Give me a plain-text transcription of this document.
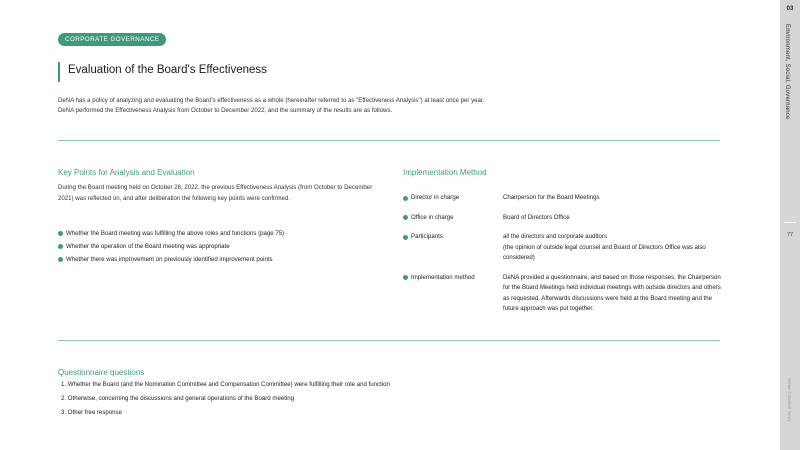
CORPORATE GOVERNANCE
Evaluation of the Board's Effectiveness
DeNA has a policy of analyzing and evaluating the Board's effectiveness as a whole (hereinafter referred to as "Effectiveness Analysis") at least once per year.
DeNA performed the Effectiveness Analysis from October to December 2022, and the summary of the results are as follows.
Key Points for Analysis and Evaluation
During the Board meeting held on October 26, 2022, the previous Effectiveness Analysis (from October to December 2021) was reflected on, and after deliberation the following key points were confirmed.
Whether the Board meeting was fulfilling the above roles and functions (page 75)
Whether the operation of the Board meeting was appropriate
Whether there was improvement on previously identified improvement points
Implementation Method
Director in charge	Chairperson for the Board Meetings
Office in charge	Board of Directors Office
Participants	all the directors and corporate auditors
(the opinion of outside legal counsel and Board of Directors Office was also considered)
Implementation method	DeNA provided a questionnaire, and based on those responses, the Chairperson for the Board Meetings held individual meetings with outside directors and others as requested. Afterwards discussions were held at the Board meeting and the future approach was put together.
Questionnaire questions
1. Whether the Board (and the Nomination Committee and Compensation Committee) were fulfilling their role and function
2. Otherwise, concerning the discussions and general operations of the Board meeting
3. Other free response
03
Environment, Social, Governance
77
Value Creation Story
